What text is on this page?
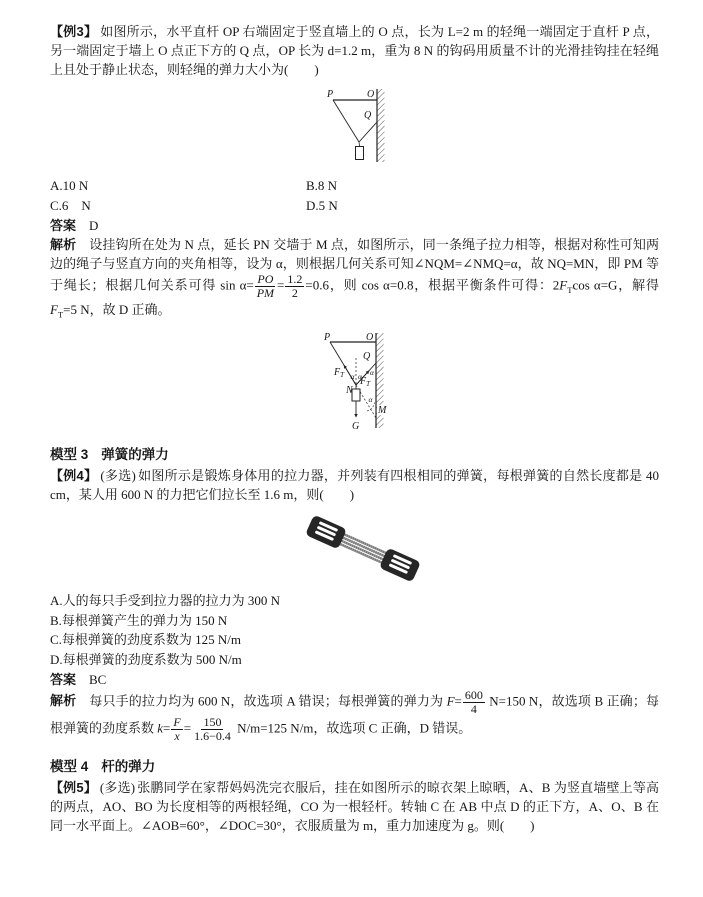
【例3】 如图所示，水平直杆 OP 右端固定于竖直墙上的 O 点，长为 L=2 m 的轻绳一端固定于直杆 P 点，另一端固定于墙上 O 点正下方的 Q 点，OP 长为 d=1.2 m，重为 8 N 的钩码用质量不计的光滑挂钩挂在轻绳上且处于静止状态，则轻绳的弹力大小为(　　)

P	O
Q
A.10 N	B.8 N
C.6　N	D.5 N

答案 D

解析 设挂钩所在处为 N 点，延长 PN 交墙于 M 点，如图所示，同一条绳子拉力相等，根据对称性可知两边的绳子与竖直方向的夹角相等，设为 α，则根据几何关系可知∠NQM=∠NMQ=α，故 NQ=MN，即 PM 等于绳长；根据几何关系可得 $\sin \alpha= \frac{PO}{PM} = \frac{1.2}{2} =0.6$，则 cos α=0.8，根据平衡条件可得：$2F_T\cos$ α=G，解得 $F_T=5$ N，故 D 正确。

P	O
Q
N
M
G
$F_T$
$F_T$
α α α
α
模型 3 弹簧的弹力

【例4】 (多选) 如图所示是锻炼身体用的拉力器，并列装有四根相同的弹簧，每根弹簧的自然长度都是 40 cm，某人用 600 N 的力把它们拉长至 1.6 m，则(　　)

A.人的每只手受到拉力器的拉力为 300 N
B.每根弹簧产生的弹力为 150 N
C.每根弹簧的劲度系数为 125 N/m
D.每根弹簧的劲度系数为 500 N/m

答案 BC

解析 每只手的拉力均为 600 N，故选项 A 错误；每根弹簧的弹力为 $F= \frac{600}{4} N=150$ N，故选项 B 正确；每根弹簧的劲度系数 $k= \frac{F}{x} = \frac{150}{1.6-0.4} N/m=125$ N/m，故选项 C 正确，D 错误。

模型 4 杆的弹力

【例5】 (多选) 张鹏同学在家帮妈妈洗完衣服后，挂在如图所示的晾衣架上晾晒，A、B 为竖直墙壁上等高的两点，AO、BO 为长度相等的两根轻绳，CO 为一根轻杆。转轴 C 在 AB 中点 D 的正下方，A、O、B 在同一水平面上。∠AOB=60°，∠DOC=30°，衣服质量为 m，重力加速度为 g。则(　　)
